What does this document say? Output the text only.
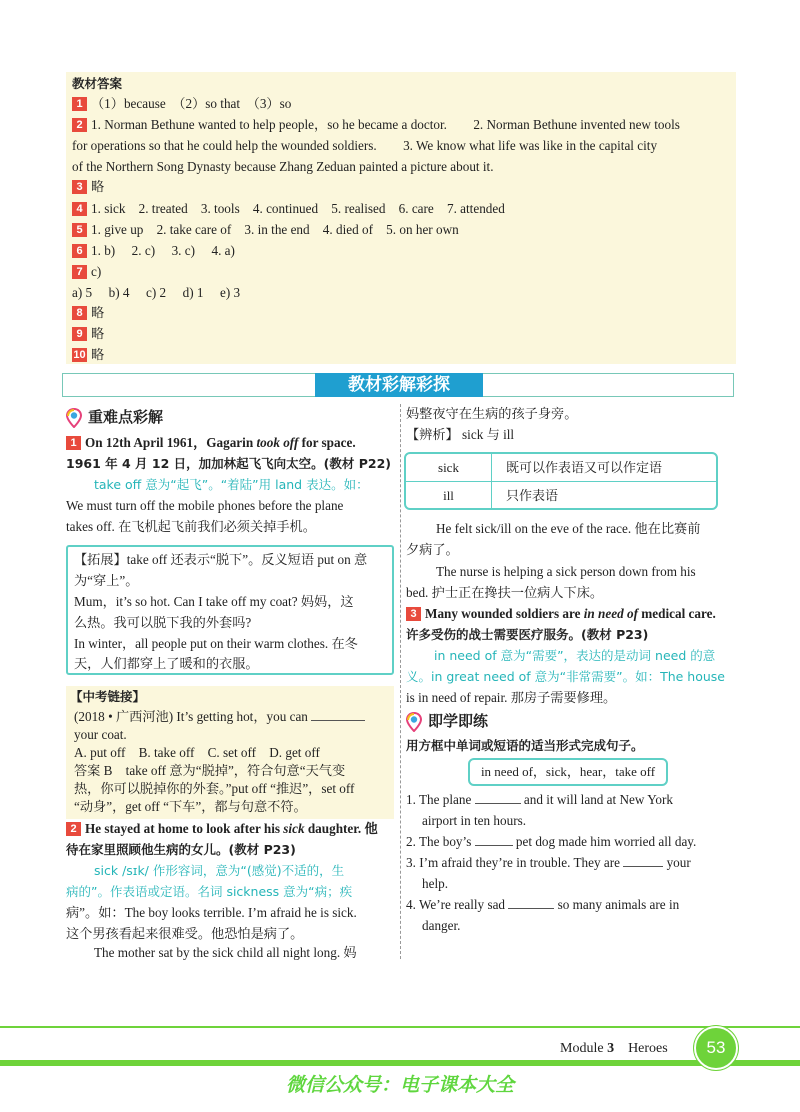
教材答案
1 （1）because　（2）so that　（3）so
2 1. Norman Bethune wanted to help people，so he became a doctor.　　2. Norman Bethune invented new tools
for operations so that he could help the wounded soldiers.　　3. We know what life was like in the capital city
of the Northern Song Dynasty because Zhang Zeduan painted a picture about it.
3 略
4 1. sick　2. treated　3. tools　4. continued　5. realised　6. care　7. attended
5 1. give up　2. take care of　3. in the end　4. died of　5. on her own
6 1. b)　 2. c)　 3. c)　 4. a)
7 c)
a) 5　 b) 4　 c) 2　 d) 1　 e) 3
8 略
9 略
10 略
教材彩解彩探
重难点彩解
1 On 12th April 1961，Gagarin took off for space.
1961 年 4 月 12 日，加加林起飞飞向太空。(教材 P22)
take off 意为“起飞”。“着陆”用 land 表达。如：
We must turn off the mobile phones before the plane
takes off. 在飞机起飞前我们必须关掉手机。
【拓展】take off 还表示“脱下”。反义短语 put on 意
为“穿上”。
Mum，it’s so hot. Can I take off my coat? 妈妈，这
么热。我可以脱下我的外套吗?
In winter，all people put on their warm clothes. 在冬
天，人们都穿上了暖和的衣服。
【中考链接】
(2018 • 广西河池) It’s getting hot，you can
your coat.
A. put off　B. take off　C. set off　D. get off
答案 B　take off 意为“脱掉”，符合句意“天气变
热，你可以脱掉你的外套。”put off “推迟”，set off
“动身”，get off “下车”，都与句意不符。
2 He stayed at home to look after his sick daughter. 他
待在家里照顾他生病的女儿。(教材 P23)
sick /sɪk/ 作形容词，意为“(感觉)不适的，生
病的”。作表语或定语。名词 sickness 意为“病；疾
病”。如：The boy looks terrible. I’m afraid he is sick.
这个男孩看起来很难受。他恐怕是病了。
The mother sat by the sick child all night long. 妈
妈整夜守在生病的孩子身旁。
【辨析】 sick 与 ill
sick	既可以作表语又可以作定语
ill	只作表语
He felt sick/ill on the eve of the race. 他在比赛前
夕病了。
The nurse is helping a sick person down from his
bed. 护士正在搀扶一位病人下床。
3 Many wounded soldiers are in need of medical care.
许多受伤的战士需要医疗服务。(教材 P23)
in need of 意为“需要”，表达的是动词 need 的意
义。in great need of 意为“非常需要”。如：The house
is in need of repair. 那房子需要修理。
即学即练
用方框中单词或短语的适当形式完成句子。
in need of，sick，hear，take off
1. The plane	and it will land at New York
airport in ten hours.
2. The boy’s	pet dog made him worried all day.
3. I’m afraid they’re in trouble. They are	your
help.
4. We’re really sad	so many animals are in
danger.
Module 3　 Heroes	53
微信公众号：电子课本大全
